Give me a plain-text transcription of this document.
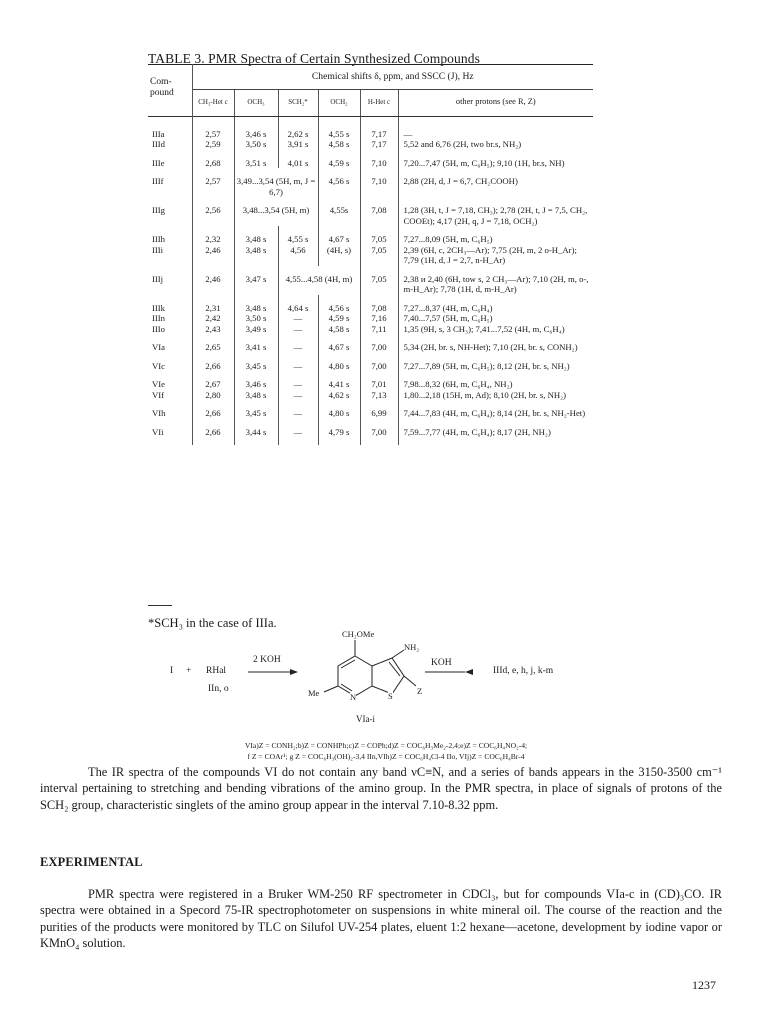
TABLE 3. PMR Spectra of Certain Synthesized Compounds
Com-pound	Chemical shifts δ, ppm, and SSCC (J), Hz					
	CH₃-Het c	OCH₃	SCH₂*	OCH₂	H-Het c	other protons (see R, Z)

IIIa	2,57	3,46 s	2,62 s	4,55 s	7,17	—
IIId	2,59	3,50 s	3,91 s	4,58 s	7,17	5,52 and 6,76 (2H, two br.s, NH₂)
IIIe	2,68	3,51 s	4,01 s	4,59 s	7,10	7,20...7,47 (5H, m, C₆H₅); 9,10 (1H, br.s, NH)
IIIf	2,57	3,49...3,54 (5H, m, J = 6,7)		4,56 s	7,10	2,88 (2H, d, J = 6,7, CH₂COOH)
IIIg	2,56	3,48...3,54 (5H, m)		4,55s	7,08	1,28 (3H, t, J = 7,18, CH₃); 2,78 (2H, t, J = 7,5, CH₂, COOEt); 4,17 (2H, q, J = 7,18, OCH₂)
IIIh	2,32	3,48 s	4,55 s	4,67 s	7,05	7,27...8,09 (5H, m, C₆H₅)
IIIi	2,46	3,48 s	4,56	(4H, s)	7,05	2,39 (6H, c, 2CH₃—Ar); 7,75 (2H, m, 2 o-H_Ar); 7,79 (1H, d, J = 2,7, n-H_Ar)
IIIj	2,46	3,47 s	4,55...4,58 (4H, m)		7,05	2,38 и 2,40 (6H, tow s, 2 CH₃—Ar); 7,10 (2H, m, o-, m-H_Ar); 7,78 (1H, d, m-H_Ar)
IIIk	2,31	3,48 s	4,64 s	4,56 s	7,08	7,27...8,37 (4H, m, C₆H₄)
IIIn	2,42	3,50 s	—	4,59 s	7,16	7,40...7,57 (5H, m, C₆H₅)
IIIo	2,43	3,49 s	—	4,58 s	7,11	1,35 (9H, s, 3 CH₃); 7,41...7,52 (4H, m, C₆H₄)
VIa	2,65	3,41 s	—	4,67 s	7,00	5,34 (2H, br. s, NH-Het); 7,10 (2H, br. s, CONH₂)
VIc	2,66	3,45 s	—	4,80 s	7,00	7,27...7,89 (5H, m, C₆H₅); 8,12 (2H, br. s, NH₂)
VIe	2,67	3,46 s	—	4,41 s	7,01	7,98...8,32 (6H, m, C₆H₄, NH₂)
VIf	2,80	3,48 s	—	4,62 s	7,13	1,80...2,18 (15H, m, Ad); 8,10 (2H, br. s, NH₂)
VIh	2,66	3,45 s	—	4,80 s	6,99	7,44...7,83 (4H, m, C₆H₄); 8,14 (2H, br. s, NH₂-Het)
VIi	2,66	3,44 s	—	4,79 s	7,00	7,59...7,77 (4H, m, C₆H₄); 8,17 (2H, NH₂)
*SCH₃ in the case of IIIa.
I + RHal
IIn, o
2 KOH	KOH
IIId, e, h, j, k-m
CH₂OMe
NH₂
Me	N	S	Z
VIa-i
VIa)Z = CONH₂;b)Z = CONHPh;c)Z = COPh;d)Z = COC₆H₃Me₂-2,4;e)Z = COC₆H₄NO₂-4;
f Z = COAr¹; g Z = COC₆H₃(OH)₂-3,4 IIn,VIh)Z = COC₆H₄Cl-4 IIo, VIj)Z = COC₆H₄Br-4

The IR spectra of the compounds VI do not contain any band νC≡N, and a series of bands appears in the 3150-3500 cm⁻¹ interval pertaining to stretching and bending vibrations of the amino group. In the PMR spectra, in place of signals of protons of the SCH₂ group, characteristic singlets of the amino group appear in the interval 7.10-8.32 ppm.

EXPERIMENTAL

PMR spectra were registered in a Bruker WM-250 RF spectrometer in CDCl₃, but for compounds VIa-c in (CD)₃CO. IR spectra were obtained in a Specord 75-IR spectrophotometer on suspensions in white mineral oil. The course of the reaction and the purities of the products were monitored by TLC on Silufol UV-254 plates, eluent 1:2 hexane—acetone, development by iodine vapor or KMnO₄ solution.

1237
